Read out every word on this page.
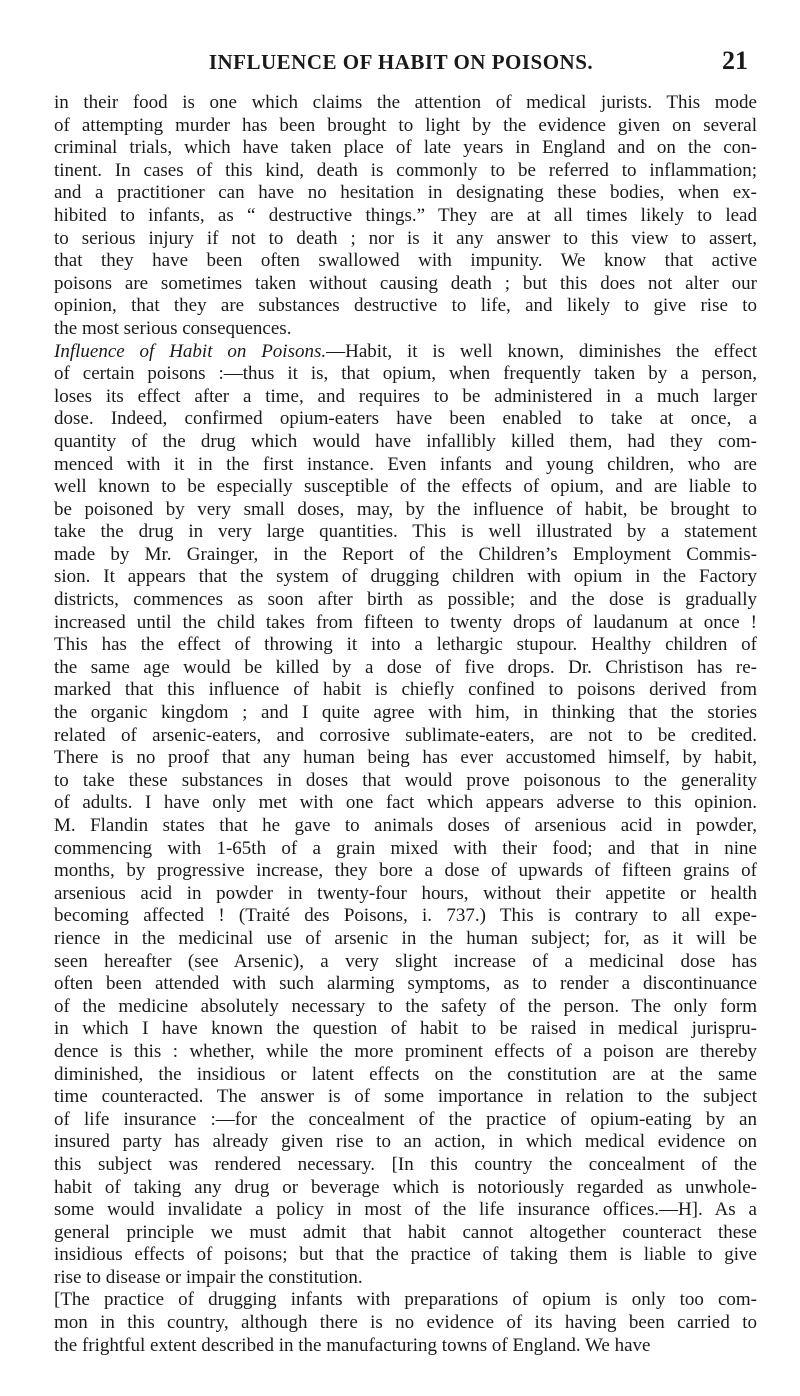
INFLUENCE OF HABIT ON POISONS.	21
in their food is one which claims the attention of medical jurists. This mode
of attempting murder has been brought to light by the evidence given on several
criminal trials, which have taken place of late years in England and on the con-
tinent. In cases of this kind, death is commonly to be referred to inflammation;
and a practitioner can have no hesitation in designating these bodies, when ex-
hibited to infants, as “ destructive things.” They are at all times likely to lead
to serious injury if not to death ; nor is it any answer to this view to assert,
that they have been often swallowed with impunity. We know that active
poisons are sometimes taken without causing death ; but this does not alter our
opinion, that they are substances destructive to life, and likely to give rise to
the most serious consequences.
Influence of Habit on Poisons.—Habit, it is well known, diminishes the effect
of certain poisons :—thus it is, that opium, when frequently taken by a person,
loses its effect after a time, and requires to be administered in a much larger
dose. Indeed, confirmed opium-eaters have been enabled to take at once, a
quantity of the drug which would have infallibly killed them, had they com-
menced with it in the first instance. Even infants and young children, who are
well known to be especially susceptible of the effects of opium, and are liable to
be poisoned by very small doses, may, by the influence of habit, be brought to
take the drug in very large quantities. This is well illustrated by a statement
made by Mr. Grainger, in the Report of the Children’s Employment Commis-
sion. It appears that the system of drugging children with opium in the Factory
districts, commences as soon after birth as possible; and the dose is gradually
increased until the child takes from fifteen to twenty drops of laudanum at once !
This has the effect of throwing it into a lethargic stupour. Healthy children of
the same age would be killed by a dose of five drops. Dr. Christison has re-
marked that this influence of habit is chiefly confined to poisons derived from
the organic kingdom ; and I quite agree with him, in thinking that the stories
related of arsenic-eaters, and corrosive sublimate-eaters, are not to be credited.
There is no proof that any human being has ever accustomed himself, by habit,
to take these substances in doses that would prove poisonous to the generality
of adults. I have only met with one fact which appears adverse to this opinion.
M. Flandin states that he gave to animals doses of arsenious acid in powder,
commencing with 1-65th of a grain mixed with their food; and that in nine
months, by progressive increase, they bore a dose of upwards of fifteen grains of
arsenious acid in powder in twenty-four hours, without their appetite or health
becoming affected ! (Traité des Poisons, i. 737.) This is contrary to all expe-
rience in the medicinal use of arsenic in the human subject; for, as it will be
seen hereafter (see Arsenic), a very slight increase of a medicinal dose has
often been attended with such alarming symptoms, as to render a discontinuance
of the medicine absolutely necessary to the safety of the person. The only form
in which I have known the question of habit to be raised in medical jurispru-
dence is this : whether, while the more prominent effects of a poison are thereby
diminished, the insidious or latent effects on the constitution are at the same
time counteracted. The answer is of some importance in relation to the subject
of life insurance :—for the concealment of the practice of opium-eating by an
insured party has already given rise to an action, in which medical evidence on
this subject was rendered necessary. [In this country the concealment of the
habit of taking any drug or beverage which is notoriously regarded as unwhole-
some would invalidate a policy in most of the life insurance offices.—H]. As a
general principle we must admit that habit cannot altogether counteract these
insidious effects of poisons; but that the practice of taking them is liable to give
rise to disease or impair the constitution.
[The practice of drugging infants with preparations of opium is only too com-
mon in this country, although there is no evidence of its having been carried to
the frightful extent described in the manufacturing towns of England. We have
